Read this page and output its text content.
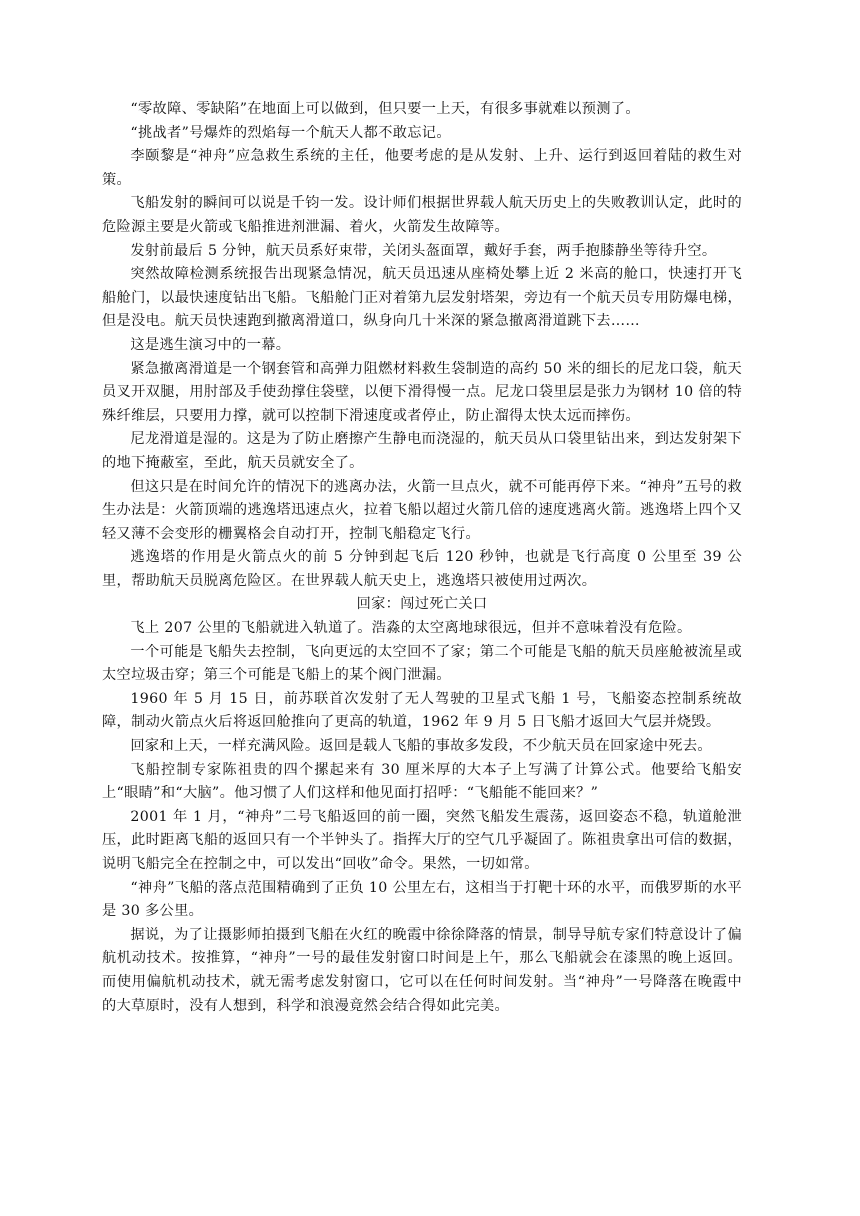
“零故障、零缺陷”在地面上可以做到，但只要一上天，有很多事就难以预测了。

“挑战者”号爆炸的烈焰每一个航天人都不敢忘记。

李颐黎是“神舟”应急救生系统的主任，他要考虑的是从发射、上升、运行到返回着陆的救生对策。

飞船发射的瞬间可以说是千钧一发。设计师们根据世界载人航天历史上的失败教训认定，此时的危险源主要是火箭或飞船推进剂泄漏、着火，火箭发生故障等。

发射前最后 5 分钟，航天员系好束带，关闭头盔面罩，戴好手套，两手抱膝静坐等待升空。

突然故障检测系统报告出现紧急情况，航天员迅速从座椅处攀上近 2 米高的舱口，快速打开飞船舱门，以最快速度钻出飞船。飞船舱门正对着第九层发射塔架，旁边有一个航天员专用防爆电梯，但是没电。航天员快速跑到撤离滑道口，纵身向几十米深的紧急撤离滑道跳下去……

这是逃生演习中的一幕。

紧急撤离滑道是一个钢套管和高弹力阻燃材料救生袋制造的高约 50 米的细长的尼龙口袋，航天员叉开双腿，用肘部及手使劲撑住袋壁，以便下滑得慢一点。尼龙口袋里层是张力为钢材 10 倍的特殊纤维层，只要用力撑，就可以控制下滑速度或者停止，防止溜得太快太远而摔伤。

尼龙滑道是湿的。这是为了防止磨擦产生静电而浇湿的，航天员从口袋里钻出来，到达发射架下的地下掩蔽室，至此，航天员就安全了。

但这只是在时间允许的情况下的逃离办法，火箭一旦点火，就不可能再停下来。“神舟”五号的救生办法是：火箭顶端的逃逸塔迅速点火，拉着飞船以超过火箭几倍的速度逃离火箭。逃逸塔上四个又轻又薄不会变形的栅翼格会自动打开，控制飞船稳定飞行。

逃逸塔的作用是火箭点火的前 5 分钟到起飞后 120 秒钟，也就是飞行高度 0 公里至 39 公里，帮助航天员脱离危险区。在世界载人航天史上，逃逸塔只被使用过两次。

回家：闯过死亡关口

飞上 207 公里的飞船就进入轨道了。浩淼的太空离地球很远，但并不意味着没有危险。

一个可能是飞船失去控制，飞向更远的太空回不了家；第二个可能是飞船的航天员座舱被流星或太空垃圾击穿；第三个可能是飞船上的某个阀门泄漏。

1960 年 5 月 15 日，前苏联首次发射了无人驾驶的卫星式飞船 1 号，飞船姿态控制系统故障，制动火箭点火后将返回舱推向了更高的轨道，1962 年 9 月 5 日飞船才返回大气层并烧毁。

回家和上天，一样充满风险。返回是载人飞船的事故多发段，不少航天员在回家途中死去。

飞船控制专家陈祖贵的四个摞起来有 30 厘米厚的大本子上写满了计算公式。他要给飞船安上“眼睛”和“大脑”。他习惯了人们这样和他见面打招呼：“飞船能不能回来？”

2001 年 1 月，“神舟”二号飞船返回的前一圈，突然飞船发生震荡，返回姿态不稳，轨道舱泄压，此时距离飞船的返回只有一个半钟头了。指挥大厅的空气几乎凝固了。陈祖贵拿出可信的数据，说明飞船完全在控制之中，可以发出“回收”命令。果然，一切如常。

“神舟”飞船的落点范围精确到了正负 10 公里左右，这相当于打靶十环的水平，而俄罗斯的水平是 30 多公里。

据说，为了让摄影师拍摄到飞船在火红的晚霞中徐徐降落的情景，制导导航专家们特意设计了偏航机动技术。按推算，“神舟”一号的最佳发射窗口时间是上午，那么飞船就会在漆黑的晚上返回。而使用偏航机动技术，就无需考虑发射窗口，它可以在任何时间发射。当“神舟”一号降落在晚霞中的大草原时，没有人想到，科学和浪漫竟然会结合得如此完美。
